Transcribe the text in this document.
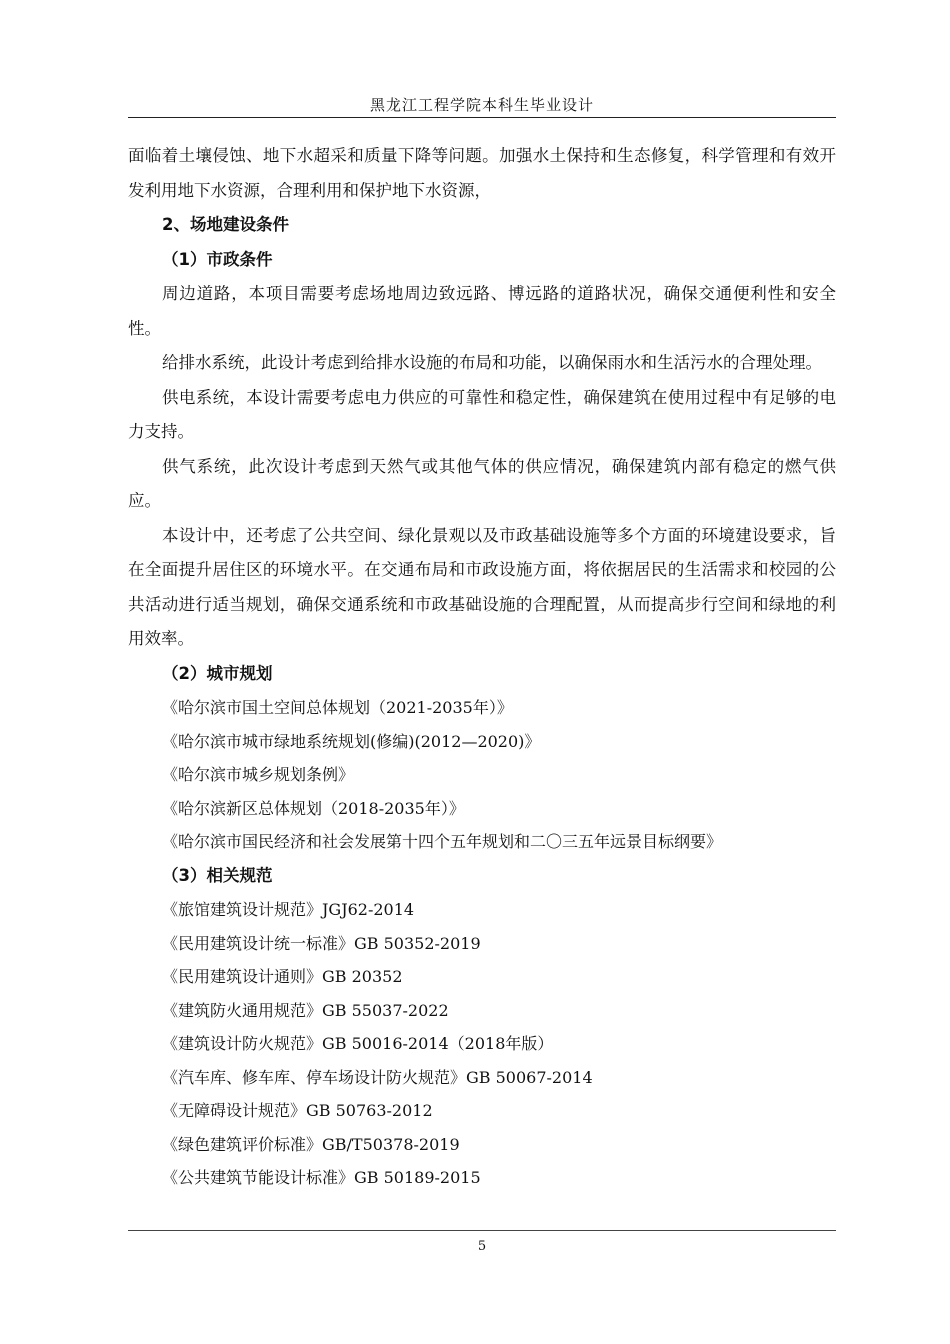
黑龙江工程学院本科生毕业设计

面临着土壤侵蚀、地下水超采和质量下降等问题。加强水土保持和生态修复，科学管理和有效开发利用地下水资源，合理利用和保护地下水资源，

2、场地建设条件

（1）市政条件

周边道路，本项目需要考虑场地周边致远路、博远路的道路状况，确保交通便利性和安全性。

给排水系统，此设计考虑到给排水设施的布局和功能，以确保雨水和生活污水的合理处理。

供电系统，本设计需要考虑电力供应的可靠性和稳定性，确保建筑在使用过程中有足够的电力支持。

供气系统，此次设计考虑到天然气或其他气体的供应情况，确保建筑内部有稳定的燃气供应。

本设计中，还考虑了公共空间、绿化景观以及市政基础设施等多个方面的环境建设要求，旨在全面提升居住区的环境水平。在交通布局和市政设施方面，将依据居民的生活需求和校园的公共活动进行适当规划，确保交通系统和市政基础设施的合理配置，从而提高步行空间和绿地的利用效率。

（2）城市规划

《哈尔滨市国土空间总体规划（2021-2035年）》

《哈尔滨市城市绿地系统规划(修编)(2012—2020)》

《哈尔滨市城乡规划条例》

《哈尔滨新区总体规划（2018-2035年）》

《哈尔滨市国民经济和社会发展第十四个五年规划和二〇三五年远景目标纲要》

（3）相关规范

《旅馆建筑设计规范》JGJ62-2014

《民用建筑设计统一标准》GB 50352-2019

《民用建筑设计通则》GB 20352

《建筑防火通用规范》GB 55037-2022

《建筑设计防火规范》GB 50016-2014（2018年版）

《汽车库、修车库、停车场设计防火规范》GB 50067-2014

《无障碍设计规范》GB 50763-2012

《绿色建筑评价标准》GB/T50378-2019

《公共建筑节能设计标准》GB 50189-2015

5
